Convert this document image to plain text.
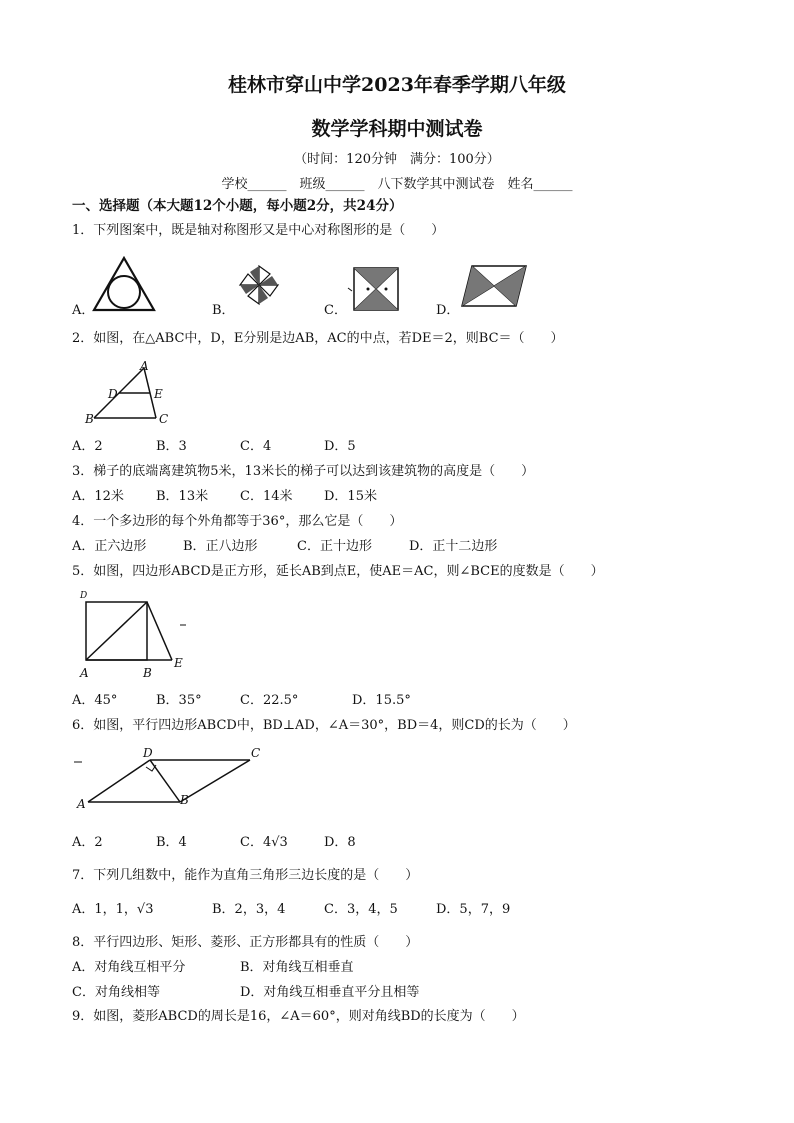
桂林市穿山中学2023年春季学期八年级
数学学科期中测试卷
（时间：120分钟　满分：100分）
学校______　班级______　八下数学其中测试卷　姓名______
一、选择题（本大题12个小题，每小题2分，共24分）
1．下列图案中，既是轴对称图形又是中心对称图形的是（　　）
A．	B．	C．	D．
2．如图，在△ABC中，D，E分别是边AB，AC的中点，若DE＝2，则BC＝（　　）
A
D	E
B	C
A．2	B．3	C．4	D．5
3．梯子的底端离建筑物5米，13米长的梯子可以达到该建筑物的高度是（　　）
A．12米 B．13米 C．14米 D．15米
4．一个多边形的每个外角都等于36°，那么它是（　　）
A．正六边形	B．正八边形	C．正十边形	D．正十二边形
5．如图，四边形ABCD是正方形，延长AB到点E，使AE＝AC，则∠BCE的度数是（　　）
D
A	B
E
A．45°	B．35°	C．22.5°	D．15.5°
6．如图，平行四边形ABCD中，BD⊥AD，∠A＝30°，BD＝4，则CD的长为（　　）
D	C
A	B
A．2	B．4	C．4√3	D．8
7．下列几组数中，能作为直角三角形三边长度的是（　　）
A．1，1，√3	B．2，3，4	C．3，4，5	D．5，7，9
8．平行四边形、矩形、菱形、正方形都具有的性质（　　）
A．对角线互相平分	B．对角线互相垂直
C．对角线相等	D．对角线互相垂直平分且相等
9．如图，菱形ABCD的周长是16，∠A＝60°，则对角线BD的长度为（　　）
